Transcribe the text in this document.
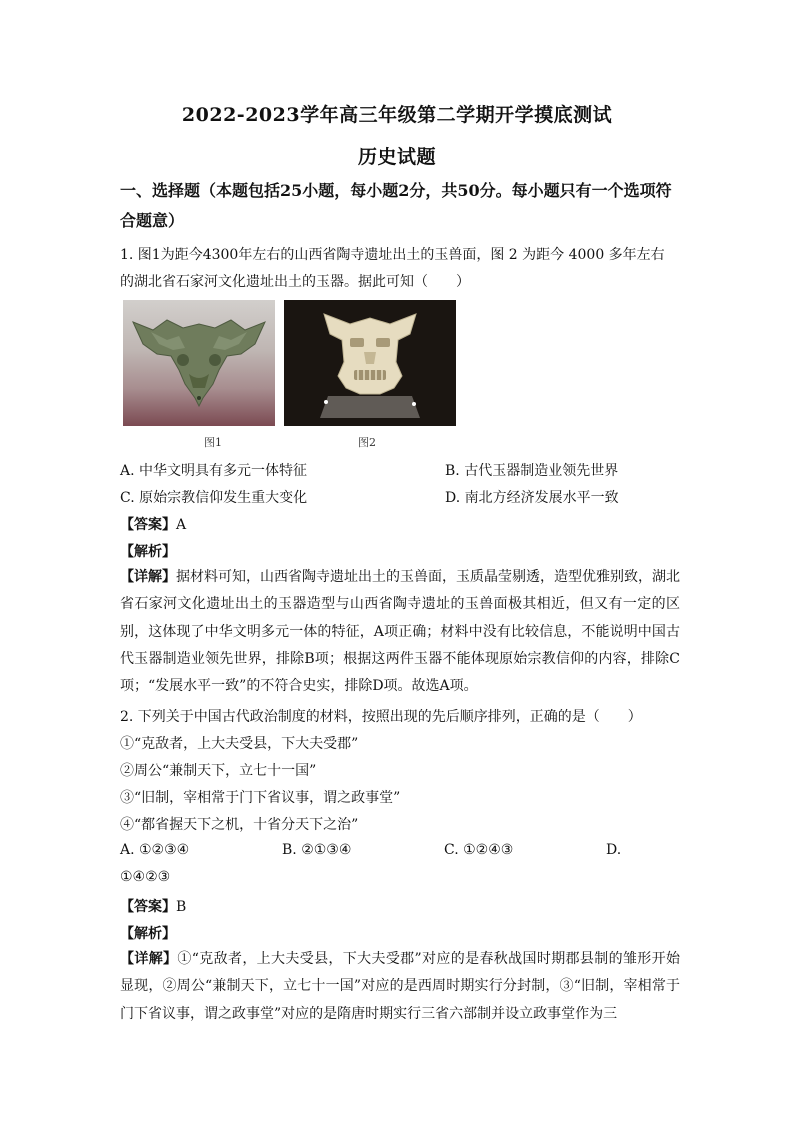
2022-2023学年高三年级第二学期开学摸底测试
历史试题
一、选择题（本题包括25小题，每小题2分，共50分。每小题只有一个选项符合题意）
1. 图1为距今4300年左右的山西省陶寺遗址出土的玉兽面，图 2 为距今 4000 多年左右
的湖北省石家河文化遗址出土的玉器。据此可知（　　）
图1	图2
A. 中华文明具有多元一体特征	B. 古代玉器制造业领先世界
C. 原始宗教信仰发生重大变化	D. 南北方经济发展水平一致
【答案】A
【解析】
【详解】据材料可知，山西省陶寺遗址出土的玉兽面，玉质晶莹剔透，造型优雅别致，湖北省石家河文化遗址出土的玉器造型与山西省陶寺遗址的玉兽面极其相近，但又有一定的区别，这体现了中华文明多元一体的特征，A项正确；材料中没有比较信息，不能说明中国古代玉器制造业领先世界，排除B项；根据这两件玉器不能体现原始宗教信仰的内容，排除C项；“发展水平一致”的不符合史实，排除D项。故选A项。
2. 下列关于中国古代政治制度的材料，按照出现的先后顺序排列，正确的是（　　）
①“克敌者，上大夫受县，下大夫受郡”
②周公“兼制天下，立七十一国”
③“旧制，宰相常于门下省议事，谓之政事堂”
④“都省握天下之机，十省分天下之治”
A. ①②③④	B. ②①③④	C. ①②④③	D.
①④②③
【答案】B
【解析】
【详解】①“克敌者，上大夫受县，下大夫受郡”对应的是春秋战国时期郡县制的雏形开始显现，②周公“兼制天下，立七十一国”对应的是西周时期实行分封制，③“旧制，宰相常于门下省议事，谓之政事堂”对应的是隋唐时期实行三省六部制并设立政事堂作为三
